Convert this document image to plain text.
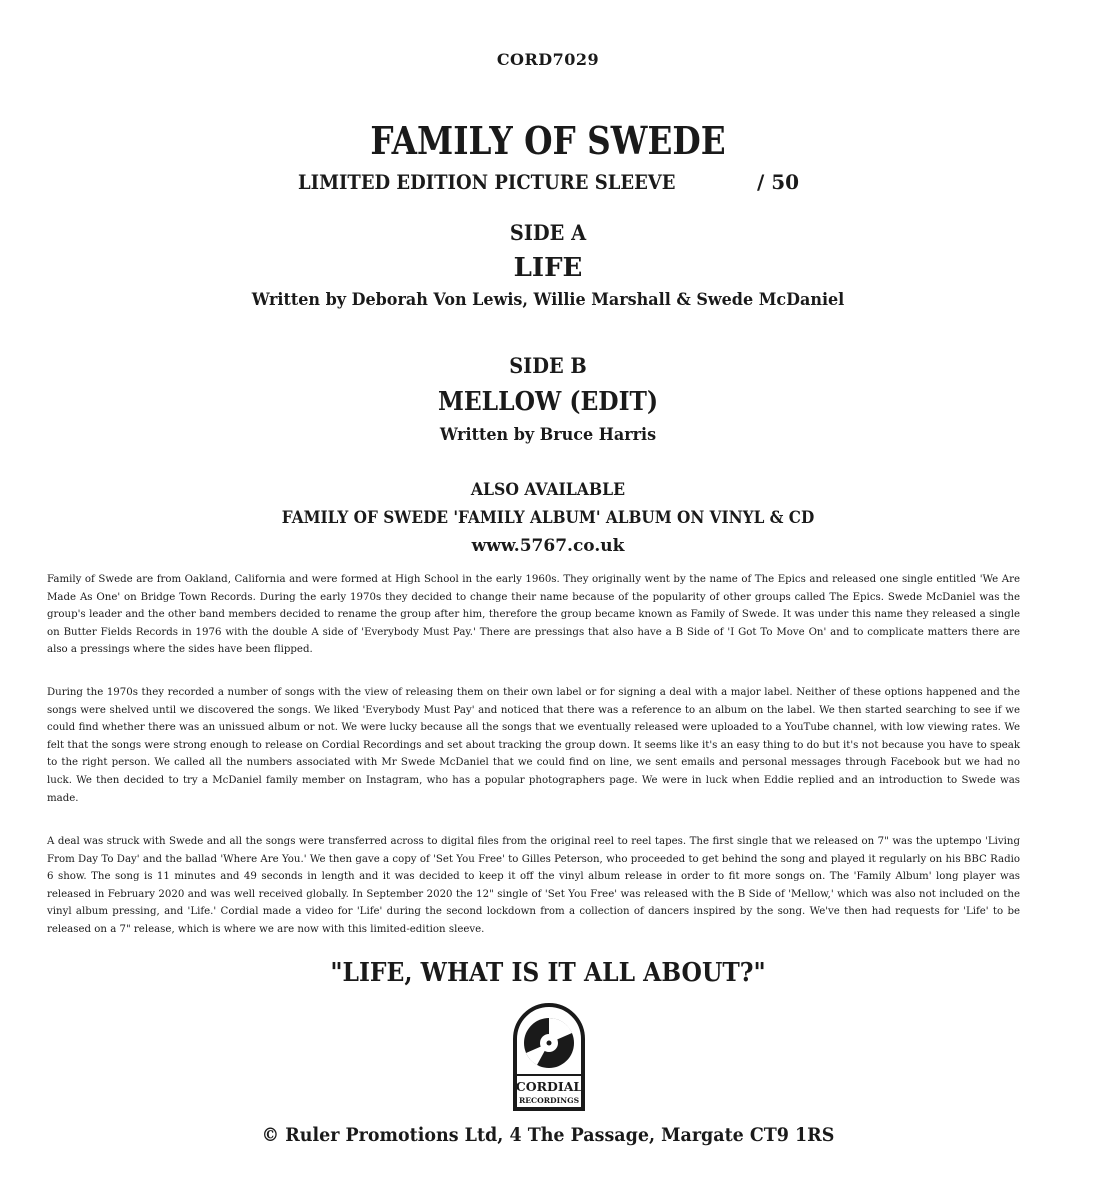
CORD7029

FAMILY OF SWEDE

LIMITED EDITION PICTURE SLEEVE	/ 50

SIDE A

LIFE

Written by Deborah Von Lewis, Willie Marshall & Swede McDaniel

SIDE B

MELLOW (EDIT)

Written by Bruce Harris

ALSO AVAILABLE

FAMILY OF SWEDE 'FAMILY ALBUM' ALBUM ON VINYL & CD

www.5767.co.uk

Family of Swede are from Oakland, California and were formed at High School in the early 1960s. They originally went by the name of The Epics and released one single entitled 'We Are Made As One' on Bridge Town Records. During the early 1970s they decided to change their name because of the popularity of other groups called The Epics. Swede McDaniel was the group's leader and the other band members decided to rename the group after him, therefore the group became known as Family of Swede. It was under this name they released a single on Butter Fields Records in 1976 with the double A side of 'Everybody Must Pay.' There are pressings that also have a B Side of 'I Got To Move On' and to complicate matters there are also a pressings where the sides have been flipped.

During the 1970s they recorded a number of songs with the view of releasing them on their own label or for signing a deal with a major label. Neither of these options happened and the songs were shelved until we discovered the songs. We liked 'Everybody Must Pay' and noticed that there was a reference to an album on the label. We then started searching to see if we could find whether there was an unissued album or not. We were lucky because all the songs that we eventually released were uploaded to a YouTube channel, with low viewing rates. We felt that the songs were strong enough to release on Cordial Recordings and set about tracking the group down. It seems like it's an easy thing to do but it's not because you have to speak to the right person. We called all the numbers associated with Mr Swede McDaniel that we could find on line, we sent emails and personal messages through Facebook but we had no luck. We then decided to try a McDaniel family member on Instagram, who has a popular photographers page. We were in luck when Eddie replied and an introduction to Swede was made.

A deal was struck with Swede and all the songs were transferred across to digital files from the original reel to reel tapes. The first single that we released on 7" was the uptempo 'Living From Day To Day' and the ballad 'Where Are You.' We then gave a copy of 'Set You Free' to Gilles Peterson, who proceeded to get behind the song and played it regularly on his BBC Radio 6 show. The song is 11 minutes and 49 seconds in length and it was decided to keep it off the vinyl album release in order to fit more songs on. The 'Family Album' long player was released in February 2020 and was well received globally. In September 2020 the 12" single of 'Set You Free' was released with the B Side of 'Mellow,' which was also not included on the vinyl album pressing, and 'Life.' Cordial made a video for 'Life' during the second lockdown from a collection of dancers inspired by the song. We've then had requests for 'Life' to be released on a 7" release, which is where we are now with this limited-edition sleeve.

"LIFE, WHAT IS IT ALL ABOUT?"

CORDIAL
RECORDINGS

© Ruler Promotions Ltd, 4 The Passage, Margate CT9 1RS
